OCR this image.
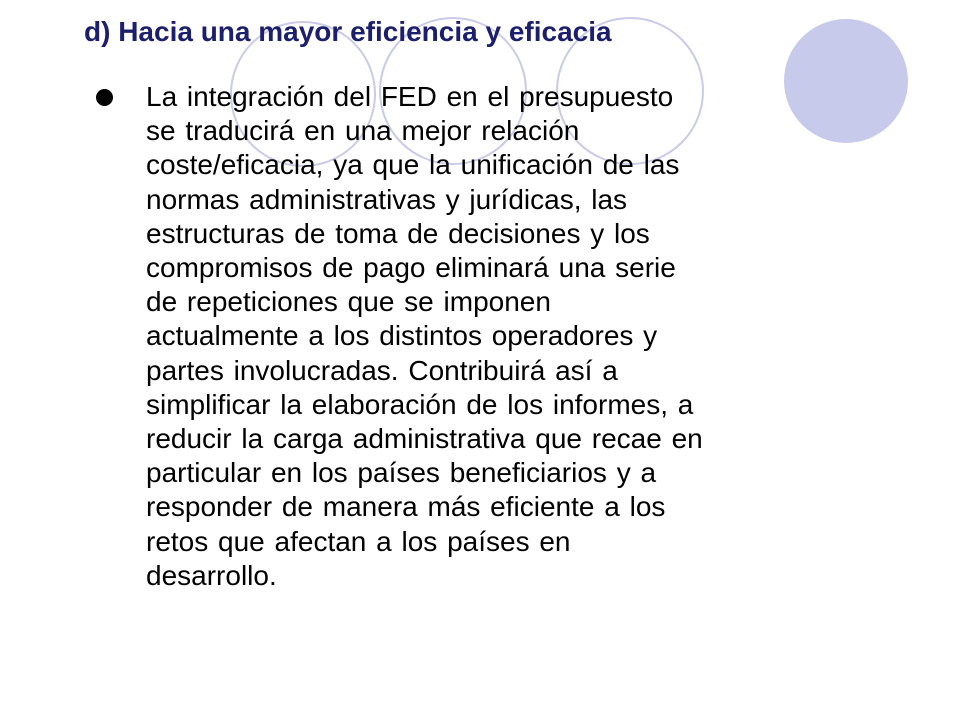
d) Hacia una mayor eficiencia y eficacia

La integración del FED en el presupuesto
se traducirá en una mejor relación
coste/eficacia, ya que la unificación de las
normas administrativas y jurídicas, las
estructuras de toma de decisiones y los
compromisos de pago eliminará una serie
de repeticiones que se imponen
actualmente a los distintos operadores y
partes involucradas. Contribuirá así a
simplificar la elaboración de los informes, a
reducir la carga administrativa que recae en
particular en los países beneficiarios y a
responder de manera más eficiente a los
retos que afectan a los países en
desarrollo.
